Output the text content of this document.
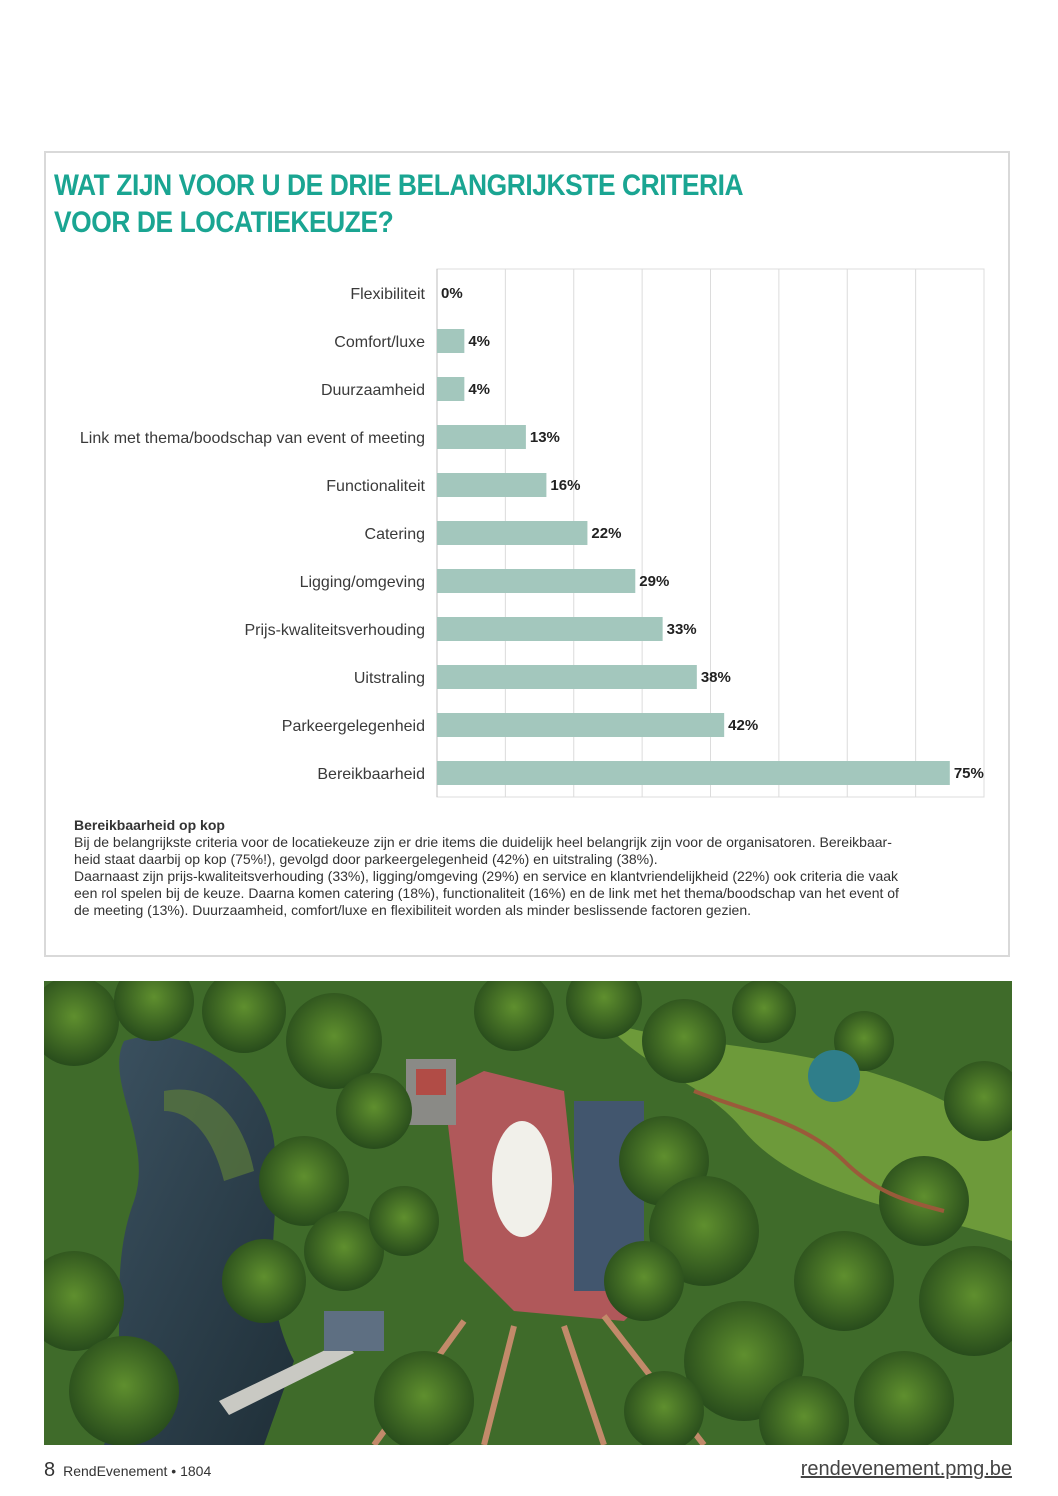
WAT ZIJN VOOR U DE DRIE BELANGRIJKSTE CRITERIA
VOOR DE LOCATIEKEUZE?
Flexibiliteit 0%
Comfort/luxe	4%
Duurzaamheid	4%
Link met thema/boodschap van event of meeting	13%
Functionaliteit	16%
Catering	22%
Ligging/omgeving	29%
Prijs-kwaliteitsverhouding	33%
Uitstraling	38%
Parkeergelegenheid	42%
Bereikbaarheid	75%
Bereikbaarheid op kop

Bij de belangrijkste criteria voor de locatiekeuze zijn er drie items die duidelijk heel belangrijk zijn voor de organisatoren. Bereikbaar-

heid staat daarbij op kop (75%!), gevolgd door parkeergelegenheid (42%) en uitstraling (38%).

Daarnaast zijn prijs-kwaliteitsverhouding (33%), ligging/omgeving (29%) en service en klantvriendelijkheid (22%) ook criteria die vaak

een rol spelen bij de keuze. Daarna komen catering (18%), functionaliteit (16%) en de link met het thema/boodschap van het event of

de meeting (13%). Duurzaamheid, comfort/luxe en flexibiliteit worden als minder beslissende factoren gezien.

8 RendEvenement • 1804	rendevenement.pmg.be
